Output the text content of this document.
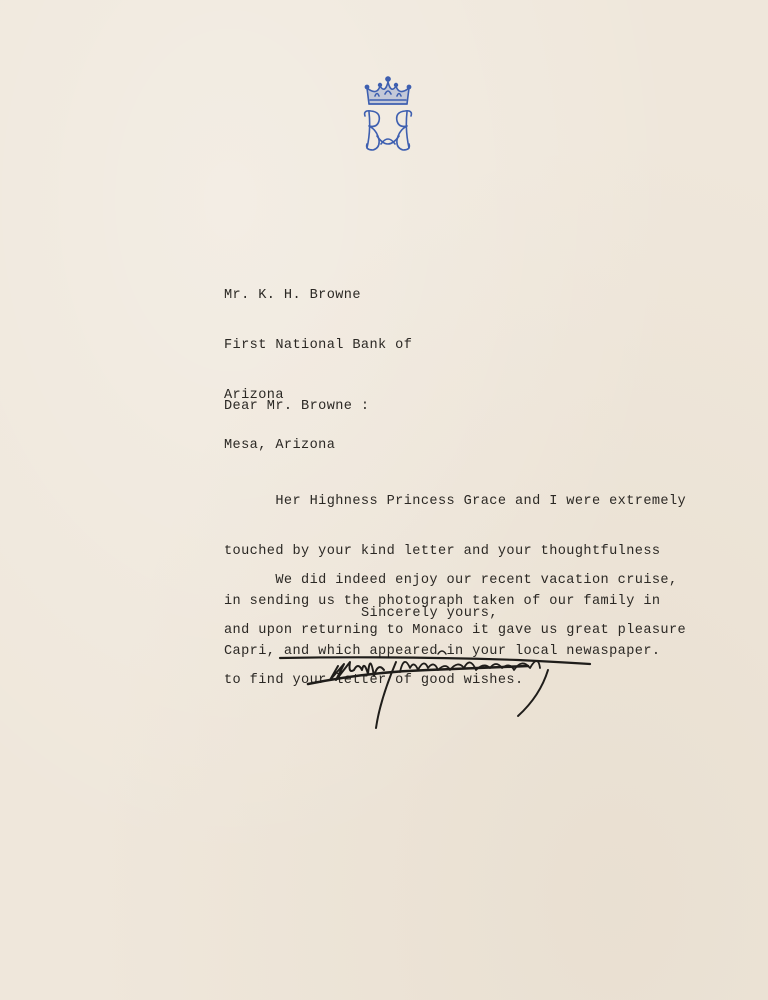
Mr. K. H. Browne

First National Bank of

Arizona

Mesa, Arizona

Dear Mr. Browne :

Her Highness Princess Grace and I were extremely

touched by your kind letter and your thoughtfulness

in sending us the photograph taken of our family in

Capri, and which appeared in your local newaspaper.

We did indeed enjoy our recent vacation cruise,

and upon returning to Monaco it gave us great pleasure

to find your letter of good wishes.

Sincerely yours,
